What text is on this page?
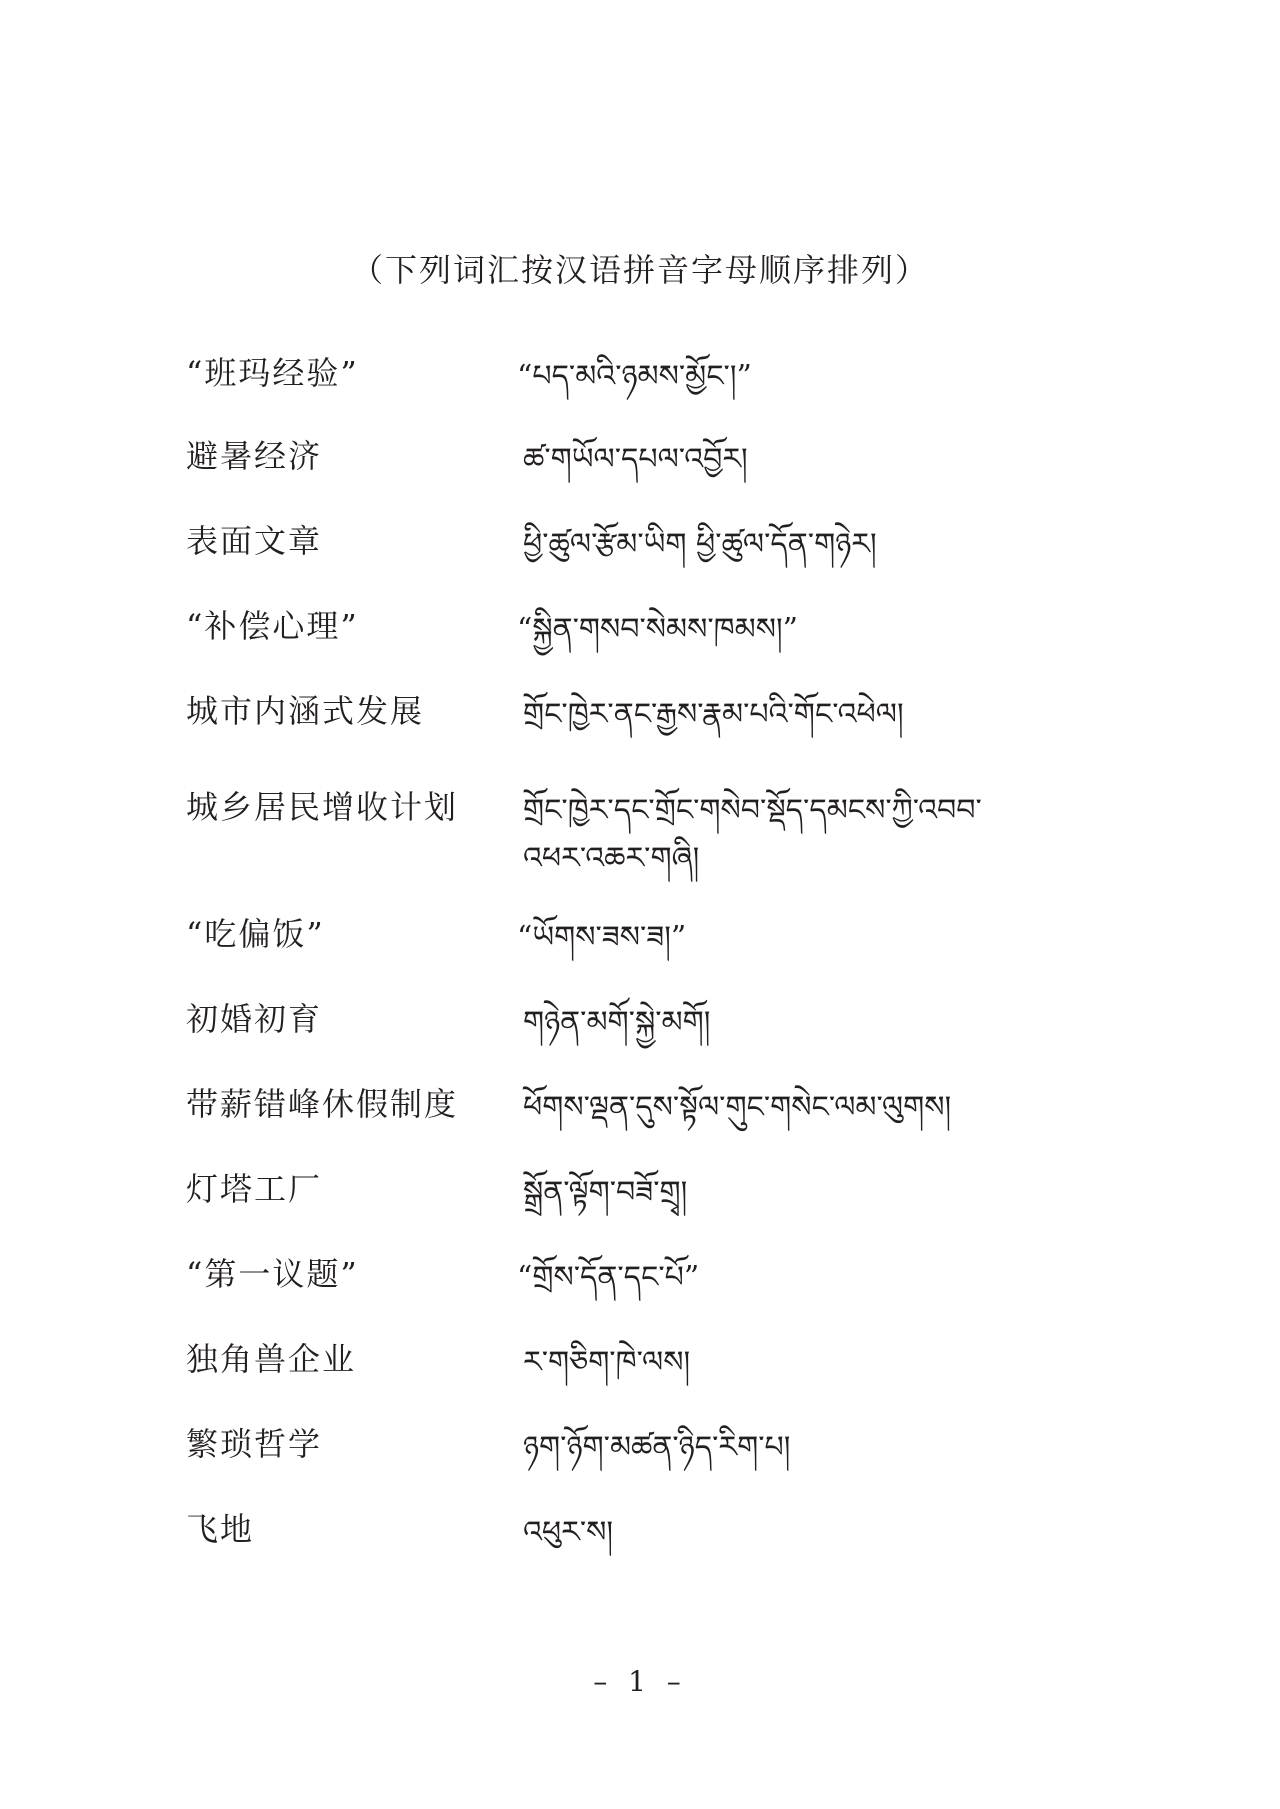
（下列词汇按汉语拼音字母顺序排列）
“班玛经验”	“པད་མའི་ཉམས་མྱོང་།”
避暑经济	ཚ་གཡོལ་དཔལ་འབྱོར།
表面文章	ཕྱི་ཚུལ་རྩོམ་ཡིག ཕྱི་ཚུལ་དོན་གཉེར།
“补偿心理”	“སྐྱིན་གསབ་སེམས་ཁམས།”
城市内涵式发展	གྲོང་ཁྱེར་ནང་རྒྱས་རྣམ་པའི་གོང་འཕེལ།
城乡居民增收计划 གྲོང་ཁྱེར་དང་གྲོང་གསེབ་སྡོད་དམངས་ཀྱི་འབབ་འཕར་འཆར་གཞི།
“吃偏饭”	“ཡོགས་ཟས་ཟ།”
初婚初育	གཉེན་མགོ་སྐྱེ་མགོ།
带薪错峰休假制度 ཕོགས་ལྡན་དུས་སྟོལ་གུང་གསེང་ལམ་ལུགས།
灯塔工厂	སྒྲོན་ལྟོག་བཟོ་གྲྭ།
“第一议题”	“གྲོས་དོན་དང་པོ”
独角兽企业	ར་གཅིག་ཁེ་ལས།
繁琐哲学	ཉག་ཉོག་མཚན་ཉིད་རིག་པ།
飞地	འཕུར་ས།
– 1 –
